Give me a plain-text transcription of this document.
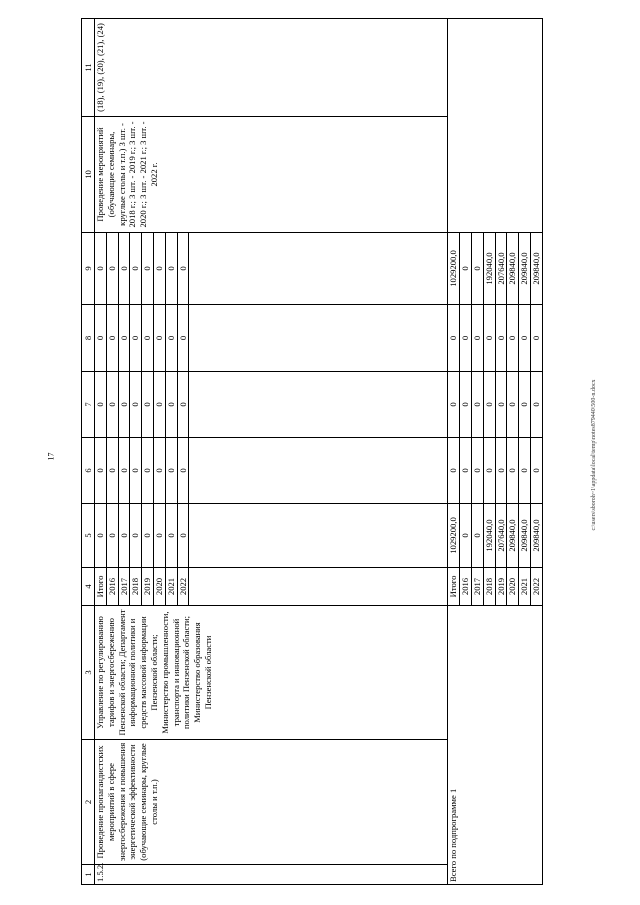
17
1	2	3	4	5	6	7	8	9	10	11
1.5.2.	Проведение пропагандистских мероприятий в сфере энергосбережения и повышения энергетической эффективности (обучающие семинары, круглые столы и т.п.)	Управление по регулированию тарифов и энергосбережению Пензенской области; Департамент информационной политики и средств массовой информации Пензенской области; Министерство промышленности, транспорта и инновационной политики Пензенской области; Министерство образования Пензенской области	Итого	0	0	0	0	0	Проведение мероприятий (обучающие семинары, круглые столы и т.п.) 3 шт. - 2018 г.; 3 шт. - 2019 г.; 3 шт. - 2020 г.; 3 шт. - 2021 г.; 3 шт. - 2022 г.	(18), (19), (20), (21), (24)
			2016	0	0	0	0	0		
			2017	0	0	0	0	0		
			2018	0	0	0	0	0		
			2019	0	0	0	0	0		
			2020	0	0	0	0	0		
			2021	0	0	0	0	0		
			2022	0	0	0	0	0		

Всего по подпрограмме 1			Итого	1029200,0	0	0	0	1029200,0		
			2016	0	0	0	0	0		
			2017	0	0	0	0	0		
			2018	192040,0	0	0	0	192040,0		
			2019	207640,0	0	0	0	207640,0		
			2020	209840,0	0	0	0	209840,0		
			2021	209840,0	0	0	0	209840,0		
			2022	209840,0	0	0	0	209840,0		
c:\users\sboroh~1\appdata\local\temp\notes879440\500-n.docx
